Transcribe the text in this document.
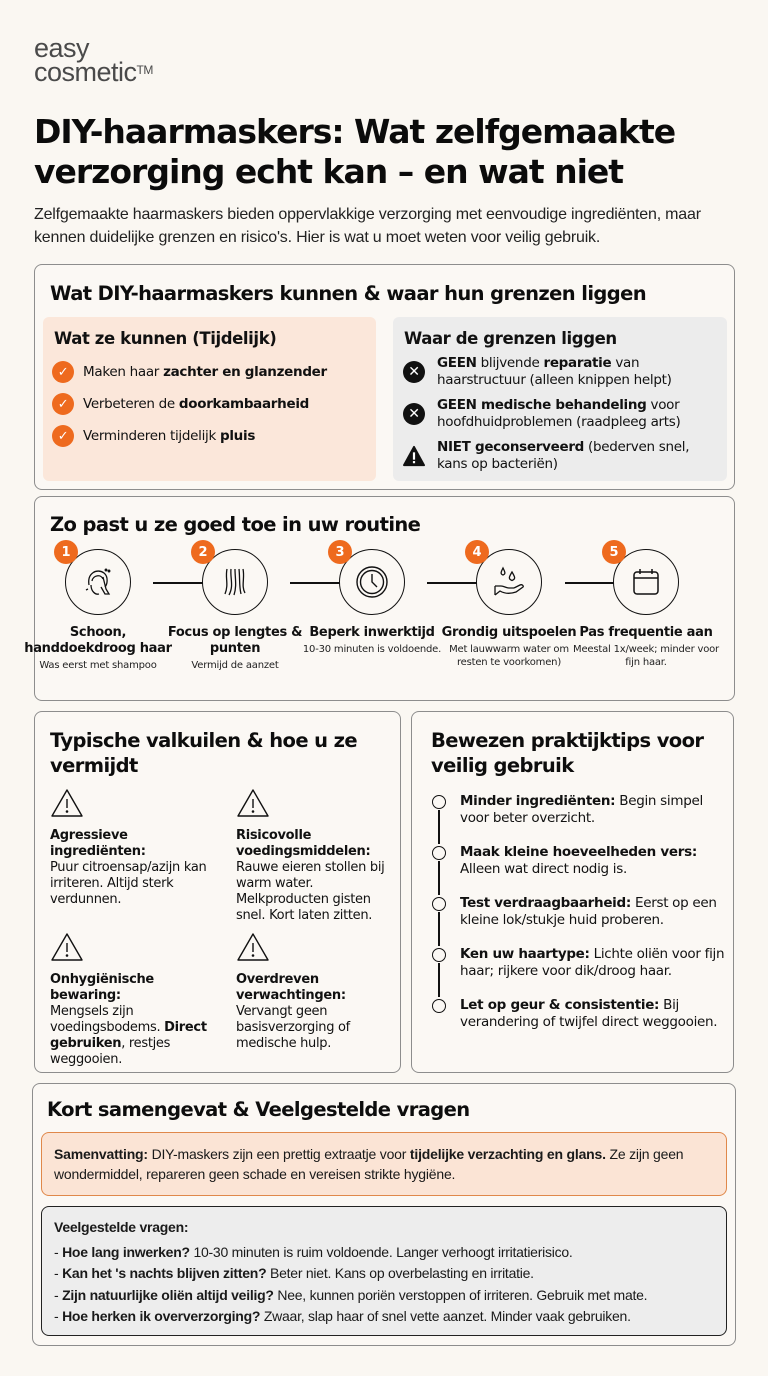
easy
cosmetic™
DIY-haarmaskers: Wat zelfgemaakte verzorging echt kan – en wat niet

Zelfgemaakte haarmaskers bieden oppervlakkige verzorging met eenvoudige ingrediënten, maar kennen duidelijke grenzen en risico's. Hier is wat u moet weten voor veilig gebruik.

Wat DIY-haarmaskers kunnen & waar hun grenzen liggen
Wat ze kunnen (Tijdelijk)
✓	Maken haar zachter en glanzender
✓	Verbeteren de doorkambaarheid
✓	Verminderen tijdelijk pluis
Waar de grenzen liggen
✕
GEEN blijvende reparatie van haarstructuur (alleen knippen helpt)
✕
GEEN medische behandeling voor hoofdhuidproblemen (raadpleeg arts)
NIET geconserveerd (bederven snel, kans op bacteriën)
Zo past u ze goed toe in uw routine
1
Schoon, handdoekdroog haar
Was eerst met shampoo
2
Focus op lengtes & punten
Vermijd de aanzet
3
Beperk inwerktijd
10-30 minuten is voldoende.
4
Grondig uitspoelen
Met lauwwarm water om resten te voorkomen)
5
Pas frequentie aan
Meestal 1x/week; minder voor fijn haar.
Typische valkuilen & hoe u ze vermijdt
Agressieve ingrediënten:
Puur citroensap/azijn kan irriteren. Altijd sterk verdunnen.
Risicovolle voedingsmiddelen:
Rauwe eieren stollen bij warm water. Melkproducten gisten snel. Kort laten zitten.
Onhygiënische bewaring:
Mengsels zijn voedingsbodems. Direct gebruiken, restjes weggooien.
Overdreven verwachtingen:
Vervangt geen basisverzorging of medische hulp.
Bewezen praktijktips voor veilig gebruik
Minder ingrediënten: Begin simpel voor beter overzicht.
Maak kleine hoeveelheden vers: Alleen wat direct nodig is.
Test verdraagbaarheid: Eerst op een kleine lok/stukje huid proberen.
Ken uw haartype: Lichte oliën voor fijn haar; rijkere voor dik/droog haar.
Let op geur & consistentie: Bij verandering of twijfel direct weggooien.
Kort samengevat & Veelgestelde vragen
Samenvatting: DIY-maskers zijn een prettig extraatje voor tijdelijke verzachting en glans. Ze zijn geen wondermiddel, repareren geen schade en vereisen strikte hygiëne.
Veelgestelde vragen:
- Hoe lang inwerken? 10-30 minuten is ruim voldoende. Langer verhoogt irritatierisico.
- Kan het 's nachts blijven zitten? Beter niet. Kans op overbelasting en irritatie.
- Zijn natuurlijke oliën altijd veilig? Nee, kunnen poriën verstoppen of irriteren. Gebruik met mate.
- Hoe herken ik oververzorging? Zwaar, slap haar of snel vette aanzet. Minder vaak gebruiken.
